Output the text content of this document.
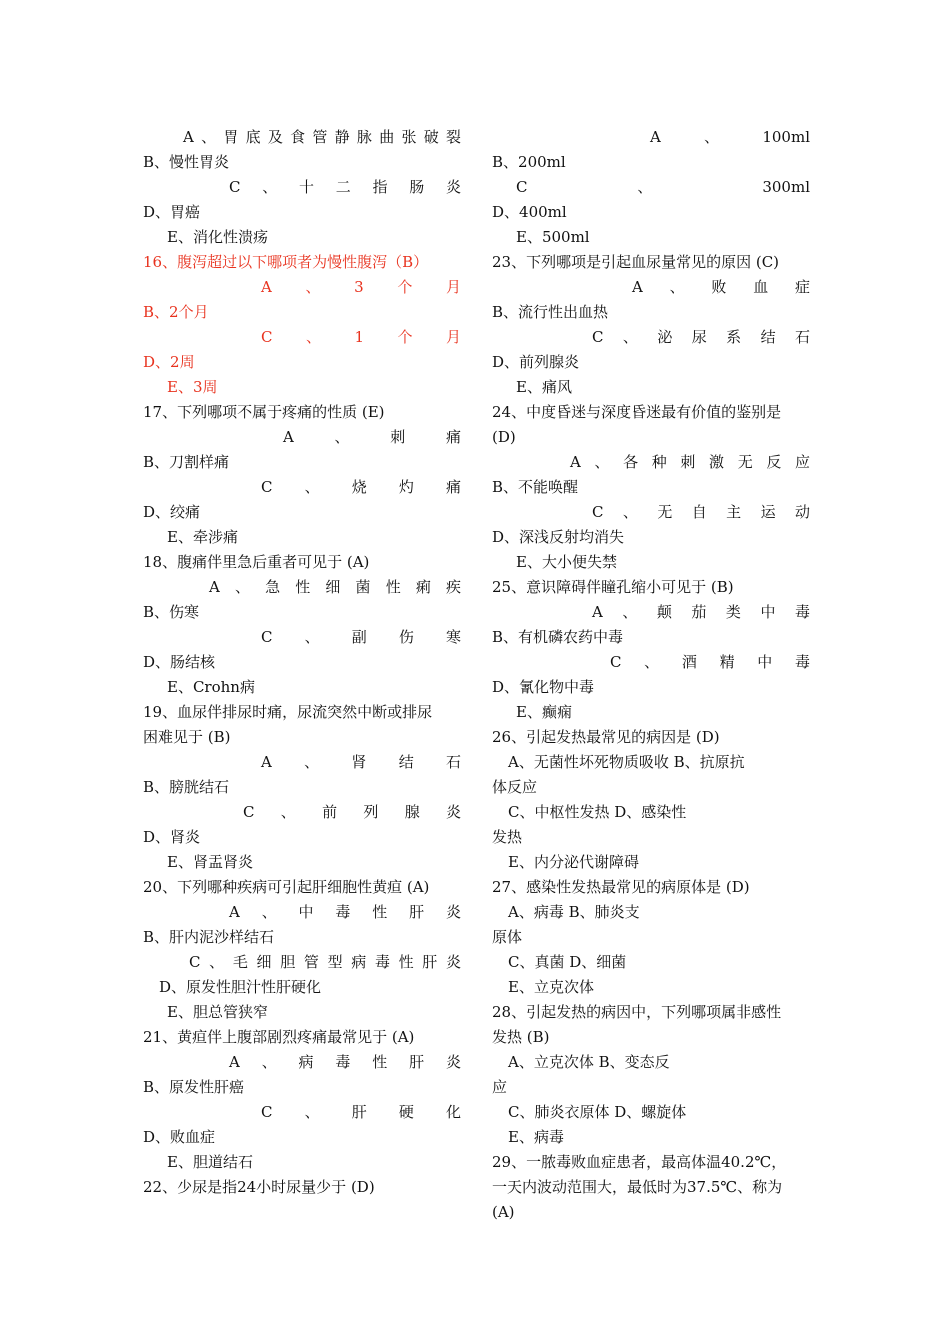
A、胃底及食管静脉曲张破裂
B、慢性胃炎
C、十二指肠炎
D、胃癌
E、消化性溃疡
16、腹泻超过以下哪项者为慢性腹泻（B）
A、3个月
B、2个月
C、1个月
D、2周
E、3周
17、下列哪项不属于疼痛的性质 (E)
A、刺痛
B、刀割样痛
C、烧灼痛
D、绞痛
E、牵涉痛
18、腹痛伴里急后重者可见于 (A)
A、急性细菌性痢疾
B、伤寒
C、副伤寒
D、肠结核
E、Crohn病
19、血尿伴排尿时痛，尿流突然中断或排尿
困难见于 (B)
A、肾结石
B、膀胱结石
C、前列腺炎
D、肾炎
E、肾盂肾炎
20、下列哪种疾病可引起肝细胞性黄疸 (A)
A、中毒性肝炎
B、肝内泥沙样结石
C、毛细胆管型病毒性肝炎
D、原发性胆汁性肝硬化
E、胆总管狭窄
21、黄疸伴上腹部剧烈疼痛最常见于 (A)
A、病毒性肝炎
B、原发性肝癌
C、肝硬化
D、败血症
E、胆道结石
22、少尿是指24小时尿量少于 (D)
A、100ml
B、200ml
C、300ml
D、400ml
E、500ml
23、下列哪项是引起血尿量常见的原因 (C)
A、败血症
B、流行性出血热
C、泌尿系结石
D、前列腺炎
E、痛风
24、中度昏迷与深度昏迷最有价值的鉴别是
(D)
A、各种刺激无反应
B、不能唤醒
C、无自主运动
D、深浅反射均消失
E、大小便失禁
25、意识障碍伴瞳孔缩小可见于 (B)
A、颠茄类中毒
B、有机磷农药中毒
C、酒精中毒
D、氰化物中毒
E、癫痫
26、引起发热最常见的病因是 (D)
A、无菌性坏死物质吸收 B、抗原抗
体反应
C、中枢性发热 D、感染性
发热
E、内分泌代谢障碍
27、感染性发热最常见的病原体是 (D)
A、病毒 B、肺炎支
原体
C、真菌 D、细菌
E、立克次体
28、引起发热的病因中，下列哪项属非感性
发热 (B)
A、立克次体 B、变态反
应
C、肺炎衣原体 D、螺旋体
E、病毒
29、一脓毒败血症患者，最高体温40.2℃，
一天内波动范围大，最低时为37.5℃、称为
(A)
